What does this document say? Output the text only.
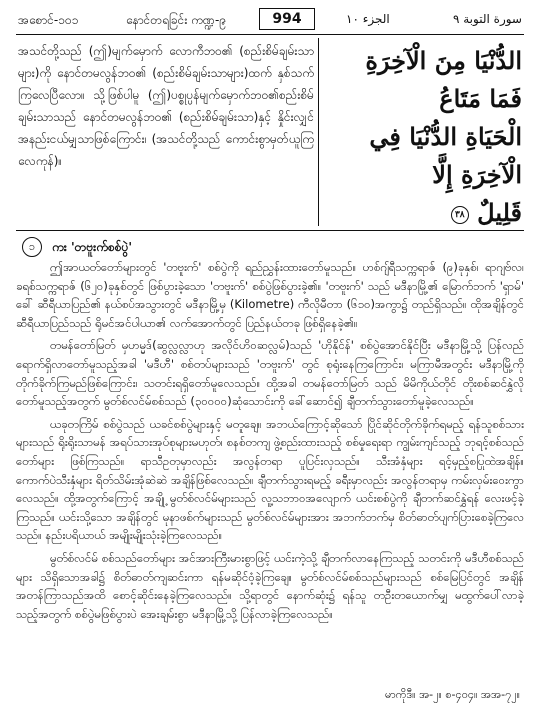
အစောင်-၁၀၁	နောင်တရခြင်း ကဏ္ဍ-၉	994	الجزء ١٠	سورة التوبة ٩
အသင်တို့သည် (ဤ)မျက်မှောက် လောကီဘဝ၏ (စည်းစိမ်ချမ်းသာများ)ကို နောင်တမလွန်ဘဝ၏ (စည်းစိမ်ချမ်းသာများ)ထက် နှစ်သက်ကြလေပြီလော။ သို့ဖြစ်ပါမူ (ဤ)ပစ္စုပ္ပန်မျက်မှောက်ဘဝ၏စည်းစိမ်ချမ်းသာသည် နောင်တမလွန်ဘဝ၏ (စည်းစိမ်ချမ်းသာ)နှင့် နှိုင်းလျှင် အနည်းငယ်မျှသာဖြစ်ကြောင်း၊ (အသင်တို့သည် ကောင်းစွာမှတ်ယူကြလေကုန်)။
الدُّنْيَا مِنَ الْآخِرَةِ فَمَا مَتَاعُ
الْحَيَاةِ الدُّنْيَا فِي الْآخِرَةِ إِلَّا
قَلِيلٌ ٣٨
၁	ကး 'တဗူးက်စစ်ပွဲ'

ဤအာယတ်တော်များတွင် 'တဗူးက်' စစ်ပွဲကို ရည်ညွှန်းထားတော်မူသည်။ ဟစ်ဂျ်ရီသက္ကရာဇ် (၉)ခုနှစ်၊ ရာဂျဗ်လ၊ ခရစ်သက္ကရာဇ် (၆၂၀)ခုနှစ်တွင် ဖြစ်ပွားခဲ့သော 'တဗူးက်' စစ်ပွဲဖြစ်ပွားခဲ့၏။ 'တဗူးက်' သည် မဒီနာမြို့၏ မြောက်ဘက် 'ရှာမ်' ခေါ် ဆီရီယာပြည်၏ နယ်စပ်အသွားတွင် မဒီနာမြို့မှ (Kilometre) ကီလိုမီတာ (၆၁၀)အကွာ၌ တည်ရှိသည်။ ထိုအချိန်တွင် ဆီရီယာပြည်သည် ရိုမင်အင်ပါယာ၏ လက်အောက်တွင် ပြည်နယ်တခု ဖြစ်ရှိနေခဲ့၏။

တမန်တော်မြတ် မှဟမ္မဒ်(ဆွလ္လလ္လာဟု အလိုင်ဟိဝဆလ္လမ်)သည် 'ဟိုနိုင်န်' စစ်ပွဲအောင်နိုင်ပြီး မဒီနာမြို့သို့ ပြန်လည်ရောက်ရှိလာတော်မူသည့်အခါ 'မဒီဟီ' စစ်တပ်များသည် 'တဗူးက်' တွင် စုရုံးနေကြကြောင်း၊ မကြာမီအတွင်း မဒီနာမြို့ကို တိုက်ခိုက်ကြမည်ဖြစ်ကြောင်း၊ သတင်းရရှိတော်မူလေသည်။ ထို့အခါ တမန်တော်မြတ် သည် မိမိကိုယ်တိုင် တိုးစစ်ဆင်နွှဲလိုတော်မူသည့်အတွက် မွတ်စ်လင်မ်စစ်သည် (၃၀၀၀၀)ဆုံသောင်းကို ခေါ်ဆောင်၍ ချီတက်သွားတော်မူခဲ့လေသည်။

ယခုတကြိမ် စစ်ပွဲသည် ယခင်စစ်ပွဲများနှင့် မတူချေ။ အဘယ်ကြောင့်ဆိုသော် ပြိုင်ဆိုင်တိုက်ခိုက်ရမည့် ရန်သူစစ်သားများသည် ရိုးရိုးသာမန် အရပ်သားအုပ်စုများမဟုတ်၊ စနစ်တကျ ဖွဲ့စည်းထားသည့် စစ်မှုရေးရာ ကျွမ်းကျင်သည့် ဘုရင့်စစ်သည်တော်များ ဖြစ်ကြသည်။ ရာသီဥတုမှာလည်း အလွန်တရာ ပူပြင်းလှသည်။ သီးအံနှံများ ရင့်မှည့်စပြုထဲအချိန်။ ကောက်ပဲသီးနှံများ ရိတ်သိမ်းအုံဆဲဆဲ အချိန်ဖြစ်လေသည်။ ချီတက်သွားရမည့် ခရီးမှာလည်း အလွန်တရာမှ ကမ်းလှမ်းဝေးကွာလေသည်။ ထို့အတွက်ကြောင့် အချို့ မွတ်စ်လင်မ်များသည် လူ့သဘာဝအလျောက် ယင်းစစ်ပွဲကို ချီတက်ဆင်နွှဲရန် လေးဖင့်ခဲ့ကြသည်။ ယင်းသို့သော အချိန်တွင် မုနာဖစ်က်များသည် မွတ်စ်လင်မ်များအား အဘက်ဘက်မှ စိတ်ဓာတ်ပျက်ပြားစေခဲ့ကြလေသည်။ နည်းပရိယာယ် အမျိုးမျိုးသုံးခဲ့ကြလေသည်။

မွတ်စ်လင်မ် စစ်သည်တော်များ အင်အားကြီးမားစွာဖြင့် ယင်းကဲ့သို့ ချီတက်လာနေကြသည့် သတင်းကို မဒီဟီစစ်သည်များ သိရှိသောအခါ၌ စိတ်ဓာတ်ကျဆင်းကာ ရန်မဆိုင်ဝံ့ခဲ့ကြချေ။ မွတ်စ်လင်မ်စစ်သည်များသည် စစ်မြေပြင်တွင် အချိန်အတန်ကြာသည်အထိ စောင့်ဆိုင်းနေခဲ့ကြလေသည်။ သို့ရာတွင် နောက်ဆုံး၌ ရန်သူ တဦးတယောက်မျှ မထွက်ပေါ်လာခဲ့သည့်အတွက် စစ်ပွဲမဖြစ်ပွားပဲ အေးချမ်းစွာ မဒီနာမြို့သို့ ပြန်လာခဲ့ကြလေသည်။

မာကိုဒီ။ အ-၂။ စ-၄၀၄။ အအ-၇၂။
